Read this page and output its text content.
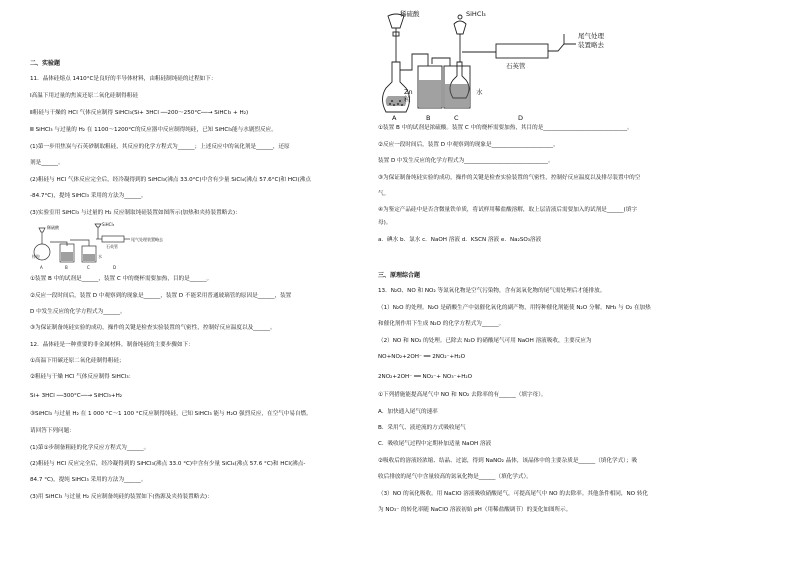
二、实验题
11．晶体硅熔点 1410°C是良好的半导体材料，由粗硅制纯硅的过程如下：
Ⅰ高温下用过量的焦炭还原二氧化硅制得粗硅
Ⅱ粗硅与干燥的 HCl 气体反应制得 SiHCl₃(Si+ 3HCl ──200～250°C──→ SiHCl₃ + H₂)
Ⅲ SiHCl₃ 与过量的 H₂ 在 1100～1200°C的反应器中反应制得纯硅，已知 SiHCl₃能与水剧烈反应。
(1)第一步用焦炭与石英砂制取粗硅，其反应的化学方程式为______；上述反应中的氧化剂是______，还原
剂是______。
(2)粗硅与 HCl 气体反应完全后，经冷凝得到的 SiHCl₃(沸点 33.0°C)中含有少量 SiCl₄(沸点 57.6°C)和 HCl(沸点
-84.7°C)，提纯 SiHCl₃ 采用的方法为______。
(3)实验室用 SiHCl₃ 与过量的 H₂ 反应制取纯硅装置如图所示(加热和夹持装置略去)：
稀硫酸
锌粒
SiHCl₃
石英管
水
尾气处理装置略去
A	B	C	D
①装置 B 中的试剂是______，装置 C 中的烧杯需要加热，目的是______。
②反应一段时间后，装置 D 中观察到的现象是______，装置 D 不能采用普通玻璃管的原因是______，装置
D 中发生反应的化学方程式为______。
③为保证制备纯硅实验的成功，操作的关键是检查实验装置的气密性，控制好反应温度以及______。
12．晶体硅是一种重要的非金属材料，制备纯硅的主要步骤如下：
①高温下用碳还原二氧化硅制得粗硅；
②粗硅与干燥 HCl 气体反应制得 SiHCl₃：
Si+ 3HCl ──300°C──→ SiHCl₃+H₂
③SiHCl₃ 与过量 H₂ 在 1 000 °C～1 100 °C反应制得纯硅，已知 SiHCl₃ 能与 H₂O 强烈反应，在空气中易自燃。
请回答下列问题：
(1)第①步制备粗硅的化学反应方程式为______。
(2)粗硅与 HCl 反应完全后，经冷凝得到的 SiHCl₃(沸点 33.0 °C)中含有少量 SiCl₄(沸点 57.6 °C)和 HCl(沸点-
84.7 °C)，提纯 SiHCl₃ 采用的方法为______。
(3)用 SiHCl₃ 与过量 H₂ 反应制备纯硅的装置如下(热源及夹持装置略去)：
稀硫酸	SiHCl₃
Zn
粒
石英管
水
尾气处理
装置略去
A	B	C	D
①装置 B 中的试剂是浓硫酸。装置 C 中的烧杯需要加热，其目的是______________________________。
②反应一段时间后，装置 D 中观察到的现象是______________________，
装置 D 中发生反应的化学方程式为______________________________。
③为保证制备纯硅实验的成功，操作的关键是检查实验装置的气密性，控制好反应温度以及排尽装置中的空
气。
④为鉴定产品硅中是否含微量铁单质，将试样用稀盐酸溶解，取上层清液后需要加入的试剂是______(填字
母)。
a．碘水 b．氯水 c．NaOH 溶液 d．KSCN 溶液 e．Na₂SO₃溶液
三、原理综合题
13．N₂O、NO 和 NO₂ 等氮氧化物是空气污染物，含有氮氧化物的尾气需处理后才能排放。
（1）N₂O 的处理。N₂O 是硝酸生产中氨催化氧化的副产物，用特种催化剂能使 N₂O 分解。NH₃ 与 O₂ 在加热
和催化剂作用下生成 N₂O 的化学方程式为______。
（2）NO 和 NO₂ 的处理。已除去 N₂O 的硝酸尾气可用 NaOH 溶液吸收，主要反应为
NO+NO₂+2OH⁻ ══ 2NO₂⁻+H₂O
2NO₂+2OH⁻ ══ NO₂⁻+ NO₃⁻+H₂O
①下列措施能提高尾气中 NO 和 NO₂ 去除率的有______（填字母）。
A．加快通入尾气的速率
B．采用气、液逆流的方式吸收尾气
C．吸收尾气过程中定期补加适量 NaOH 溶液
②吸收后的溶液经浓缩、结晶、过滤，得到 NaNO₂ 晶体，该晶体中的主要杂质是______（填化学式）；吸
收后排放的尾气中含量较高的氮氧化物是______（填化学式）。
（3）NO 的氧化吸收。用 NaClO 溶液吸收硝酸尾气，可提高尾气中 NO 的去除率。其他条件相同，NO 转化
为 NO₃⁻ 的转化率随 NaClO 溶液初始 pH（用稀盐酸调节）的变化如图所示。
